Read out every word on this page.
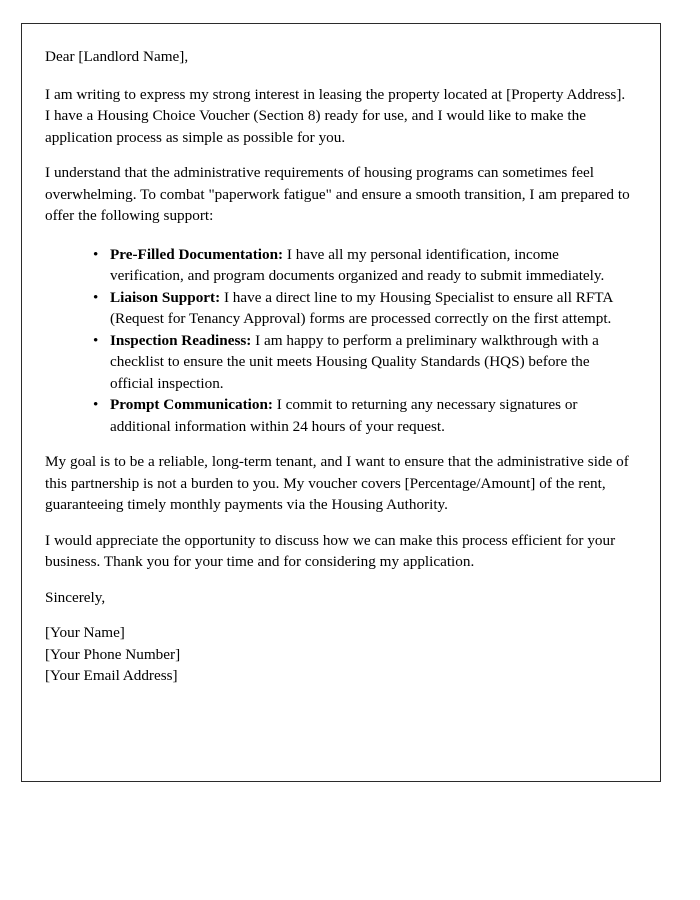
Dear [Landlord Name],

I am writing to express my strong interest in leasing the property located at [Property Address]. I have a Housing Choice Voucher (Section 8) ready for use, and I would like to make the application process as simple as possible for you.

I understand that the administrative requirements of housing programs can sometimes feel overwhelming. To combat "paperwork fatigue" and ensure a smooth transition, I am prepared to offer the following support:

• Pre-Filled Documentation: I have all my personal identification, income verification, and program documents organized and ready to submit immediately.
• Liaison Support: I have a direct line to my Housing Specialist to ensure all RFTA (Request for Tenancy Approval) forms are processed correctly on the first attempt.
• Inspection Readiness: I am happy to perform a preliminary walkthrough with a checklist to ensure the unit meets Housing Quality Standards (HQS) before the official inspection.
• Prompt Communication: I commit to returning any necessary signatures or additional information within 24 hours of your request.

My goal is to be a reliable, long-term tenant, and I want to ensure that the administrative side of this partnership is not a burden to you. My voucher covers [Percentage/Amount] of the rent, guaranteeing timely monthly payments via the Housing Authority.

I would appreciate the opportunity to discuss how we can make this process efficient for your business. Thank you for your time and for considering my application.

Sincerely,

[Your Name]
[Your Phone Number]
[Your Email Address]
